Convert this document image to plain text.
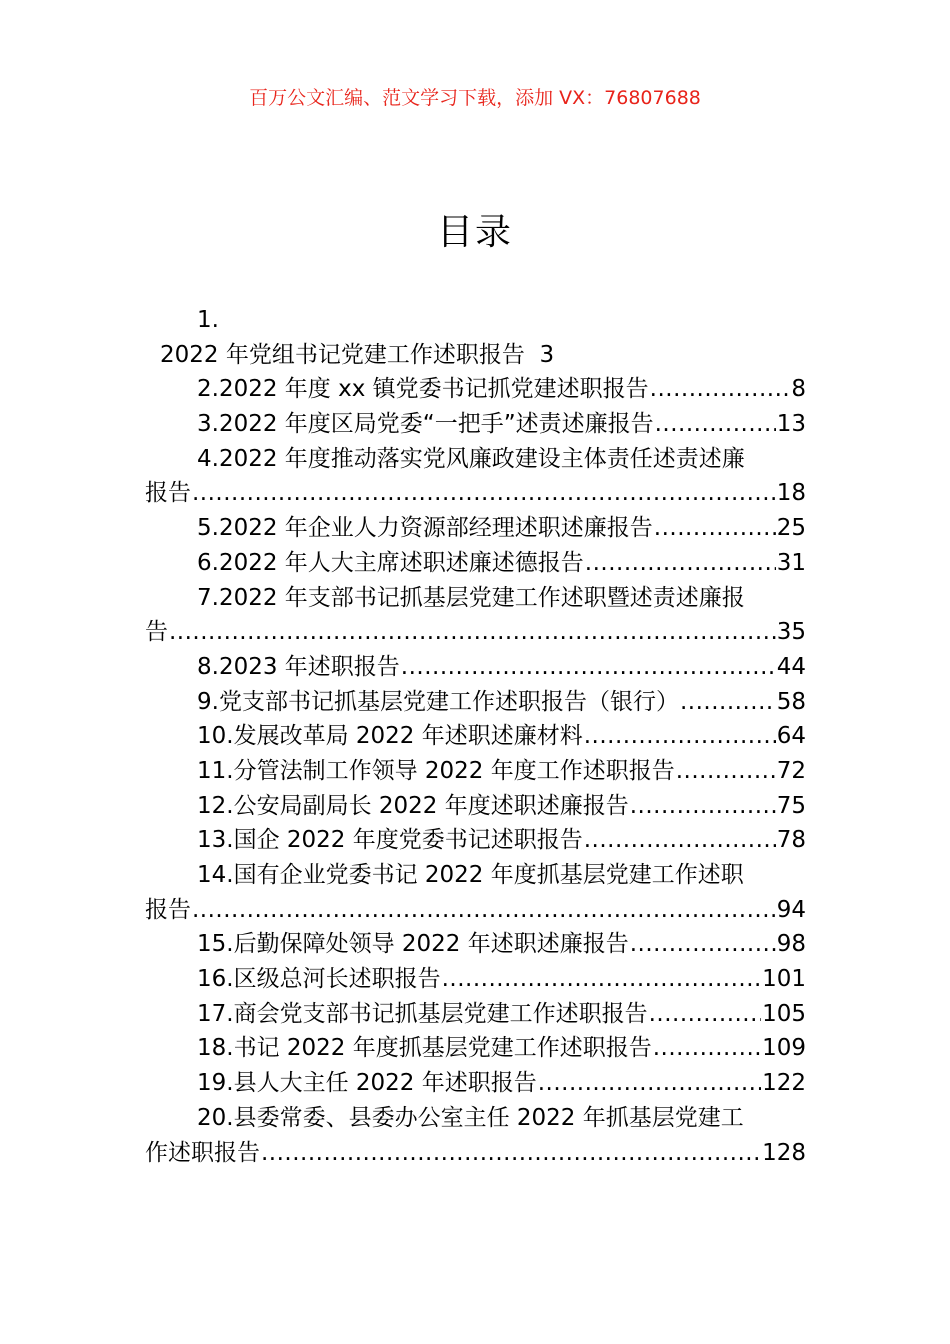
百万公文汇编、范文学习下载，添加 VX：76807688
目录
1.
2022 年党组书记党建工作述职报告 3
2.2022 年度 xx 镇党委书记抓党建述职报告 .....	8
3.2022 年度区局党委“一把手”述责述廉报告 .....	13
4.2022 年度推动落实党风廉政建设主体责任述责述廉
报告 .....	18
5.2022 年企业人力资源部经理述职述廉报告 .....	25
6.2022 年人大主席述职述廉述德报告 .....	31
7.2022 年支部书记抓基层党建工作述职暨述责述廉报
告 .....	35
8.2023 年述职报告 .....	44
9.党支部书记抓基层党建工作述职报告（银行） .....	58
10.发展改革局 2022 年述职述廉材料 .....	64
11.分管法制工作领导 2022 年度工作述职报告 .....	72
12.公安局副局长 2022 年度述职述廉报告 .....	75
13.国企 2022 年度党委书记述职报告 .....	78
14.国有企业党委书记 2022 年度抓基层党建工作述职
报告 .....	94
15.后勤保障处领导 2022 年述职述廉报告 .....	98
16.区级总河长述职报告 .....	101
17.商会党支部书记抓基层党建工作述职报告 .....	105
18.书记 2022 年度抓基层党建工作述职报告 .....	109
19.县人大主任 2022 年述职报告 .....	122
20.县委常委、县委办公室主任 2022 年抓基层党建工
作述职报告 .....	128
